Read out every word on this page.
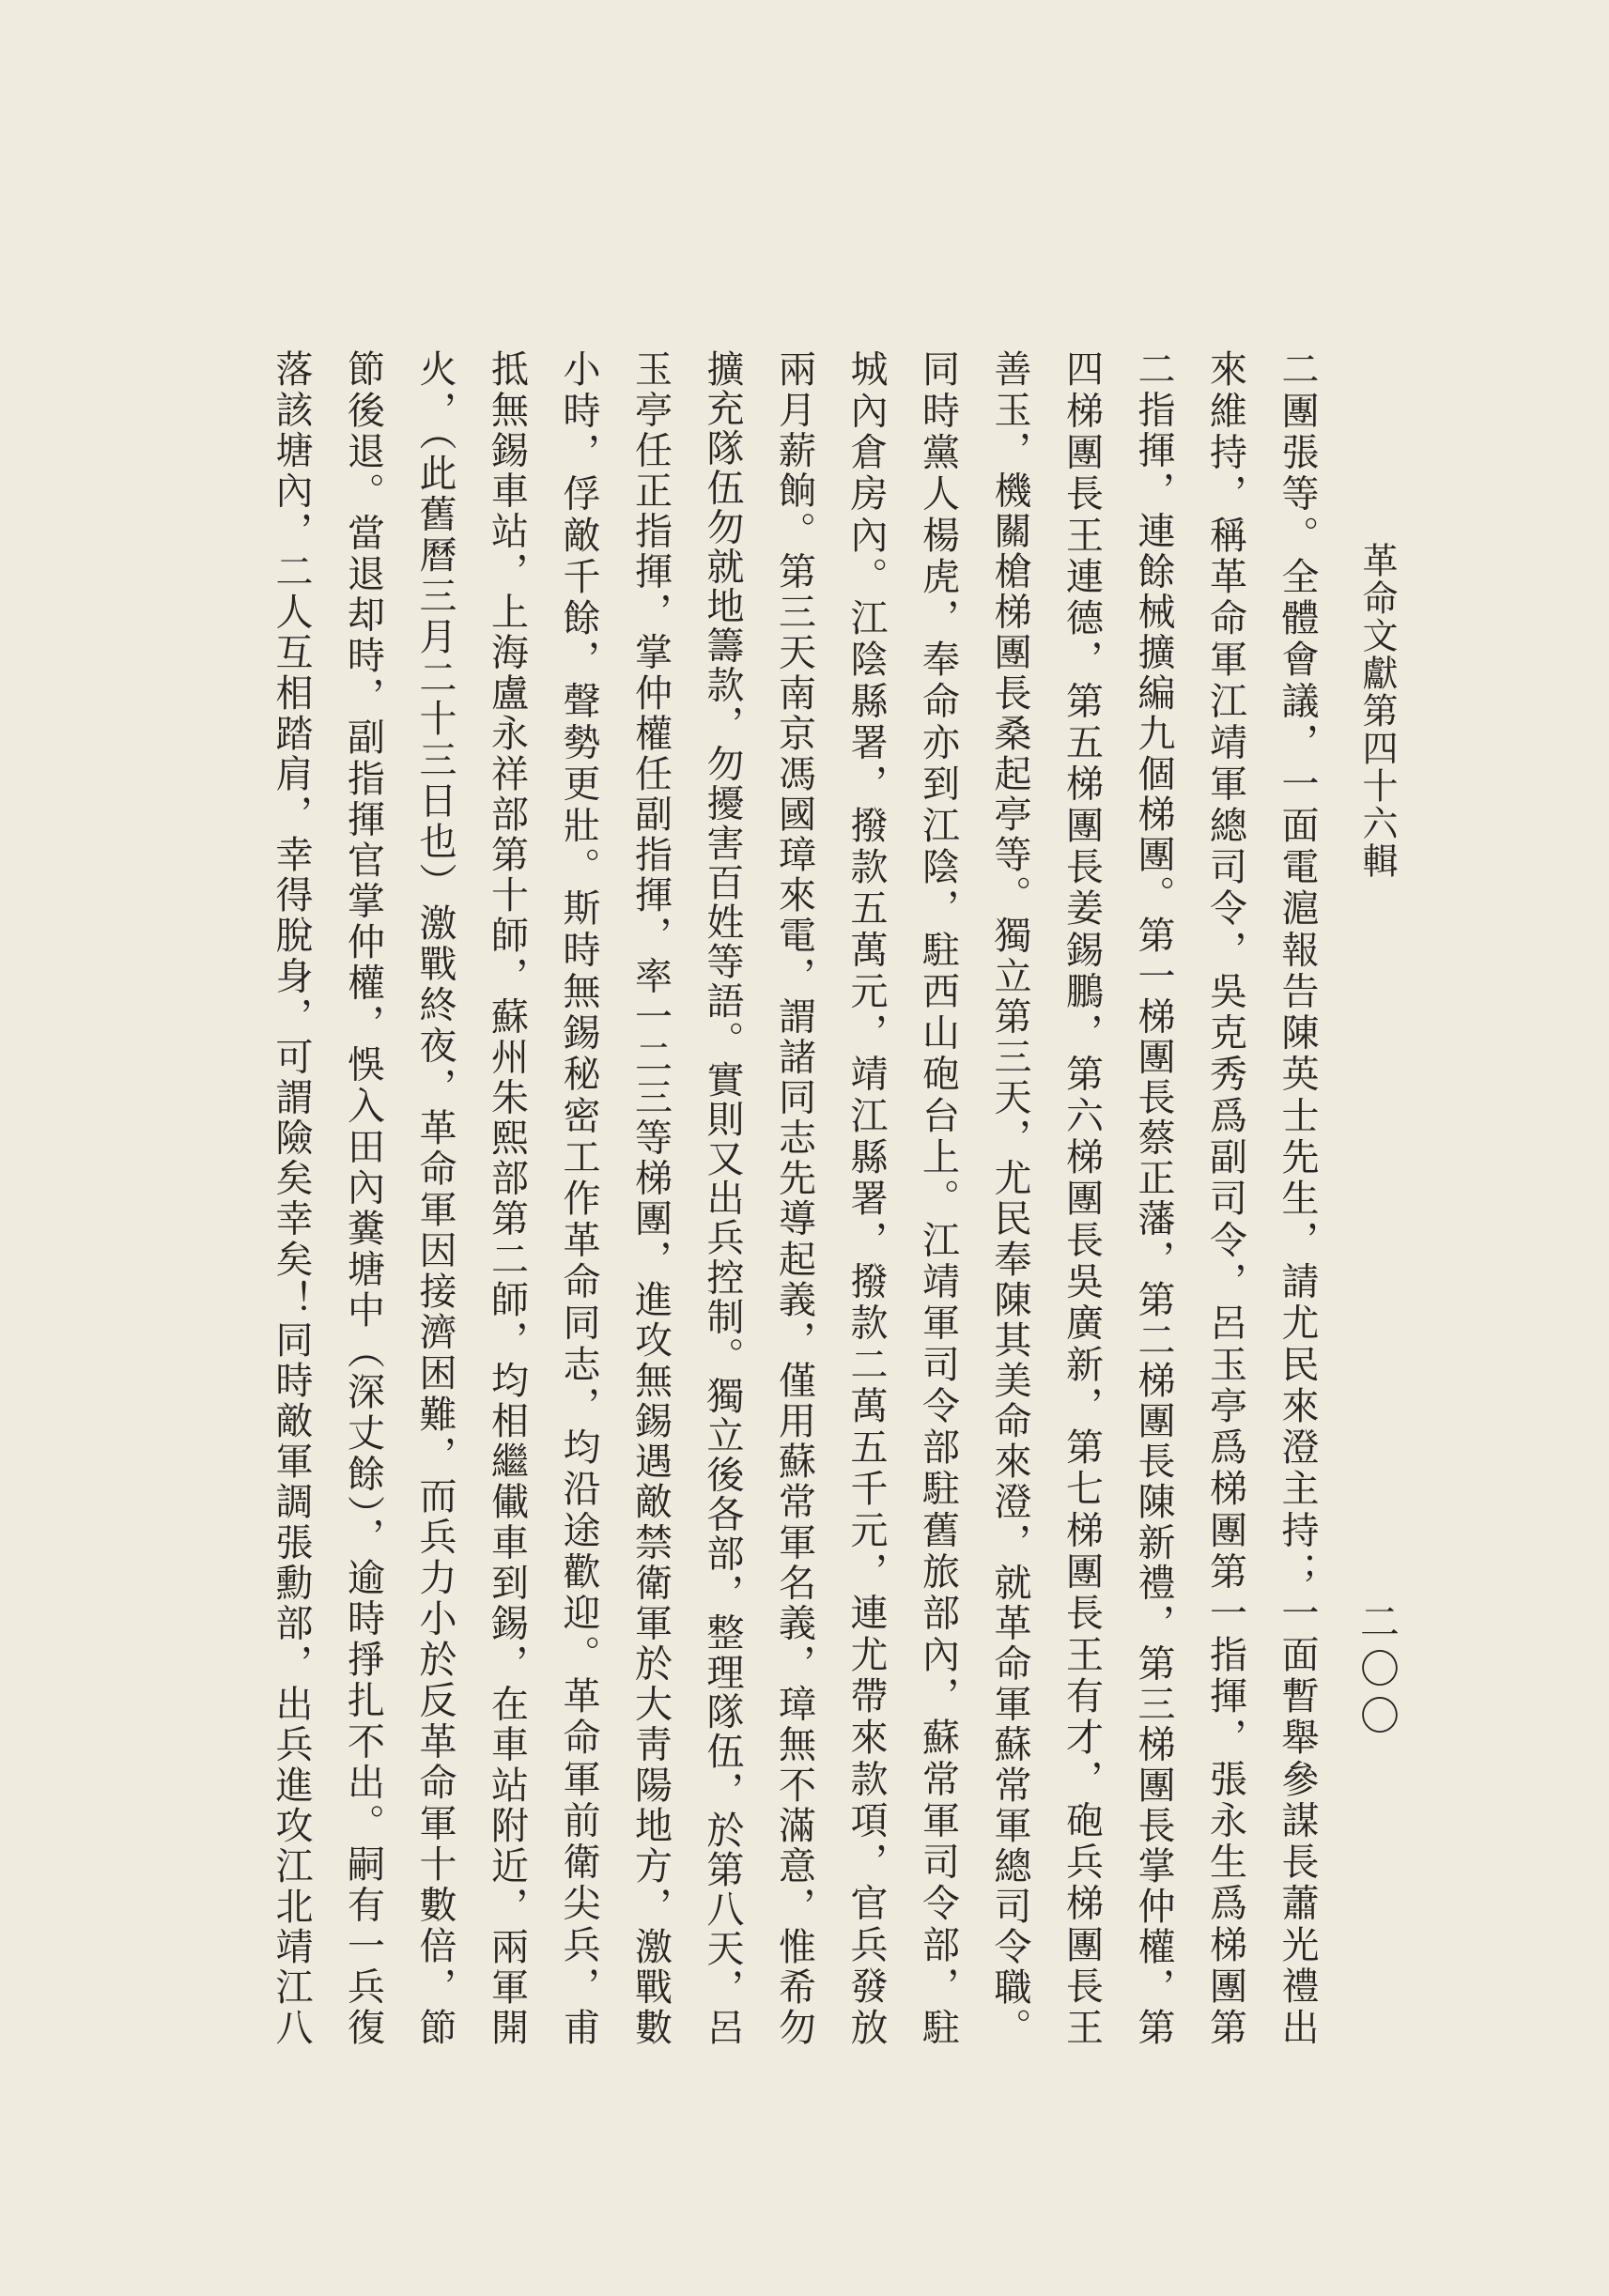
革命文獻第四十六輯
二〇〇
二團張等。全體會議，一面電滬報告陳英士先生，請尤民來澄主持；一面暫舉參謀長蕭光禮出
來維持，稱革命軍江靖軍總司令，吳克秀爲副司令，呂玉亭爲梯團第一指揮，張永生爲梯團第
二指揮，連餘械擴編九個梯團。第一梯團長蔡正藩，第二梯團長陳新禮，第三梯團長掌仲權，第
四梯團長王連德，第五梯團長姜錫鵬，第六梯團長吳廣新，第七梯團長王有才，砲兵梯團長王
善玉，機關槍梯團長桑起亭等。獨立第三天，尤民奉陳其美命來澄，就革命軍蘇常軍總司令職。
同時黨人楊虎，奉命亦到江陰，駐西山砲台上。江靖軍司令部駐舊旅部內，蘇常軍司令部，駐
城內倉房內。江陰縣署，撥款五萬元，靖江縣署，撥款二萬五千元，連尤帶來款項，官兵發放
兩月薪餉。第三天南京馮國璋來電，謂諸同志先導起義，僅用蘇常軍名義，璋無不滿意，惟希勿
擴充隊伍勿就地籌款，勿擾害百姓等語。實則又出兵控制。獨立後各部，整理隊伍，於第八天，呂
玉亭任正指揮，掌仲權任副指揮，率一二三等梯團，進攻無錫遇敵禁衛軍於大靑陽地方，激戰數
小時，俘敵千餘，聲勢更壯。斯時無錫秘密工作革命同志，均沿途歡迎。革命軍前衛尖兵，甫
抵無錫車站，上海盧永祥部第十師，蘇州朱熙部第二師，均相繼儎車到錫，在車站附近，兩軍開
火，（此舊曆三月二十三日也）激戰終夜，革命軍因接濟困難，而兵力小於反革命軍十數倍，節
節後退。當退却時，副指揮官掌仲權，悞入田內糞塘中（深丈餘），逾時掙扎不出。嗣有一兵復
落該塘內，二人互相踏肩，幸得脫身，可謂險矣幸矣！同時敵軍調張勳部，出兵進攻江北靖江八
